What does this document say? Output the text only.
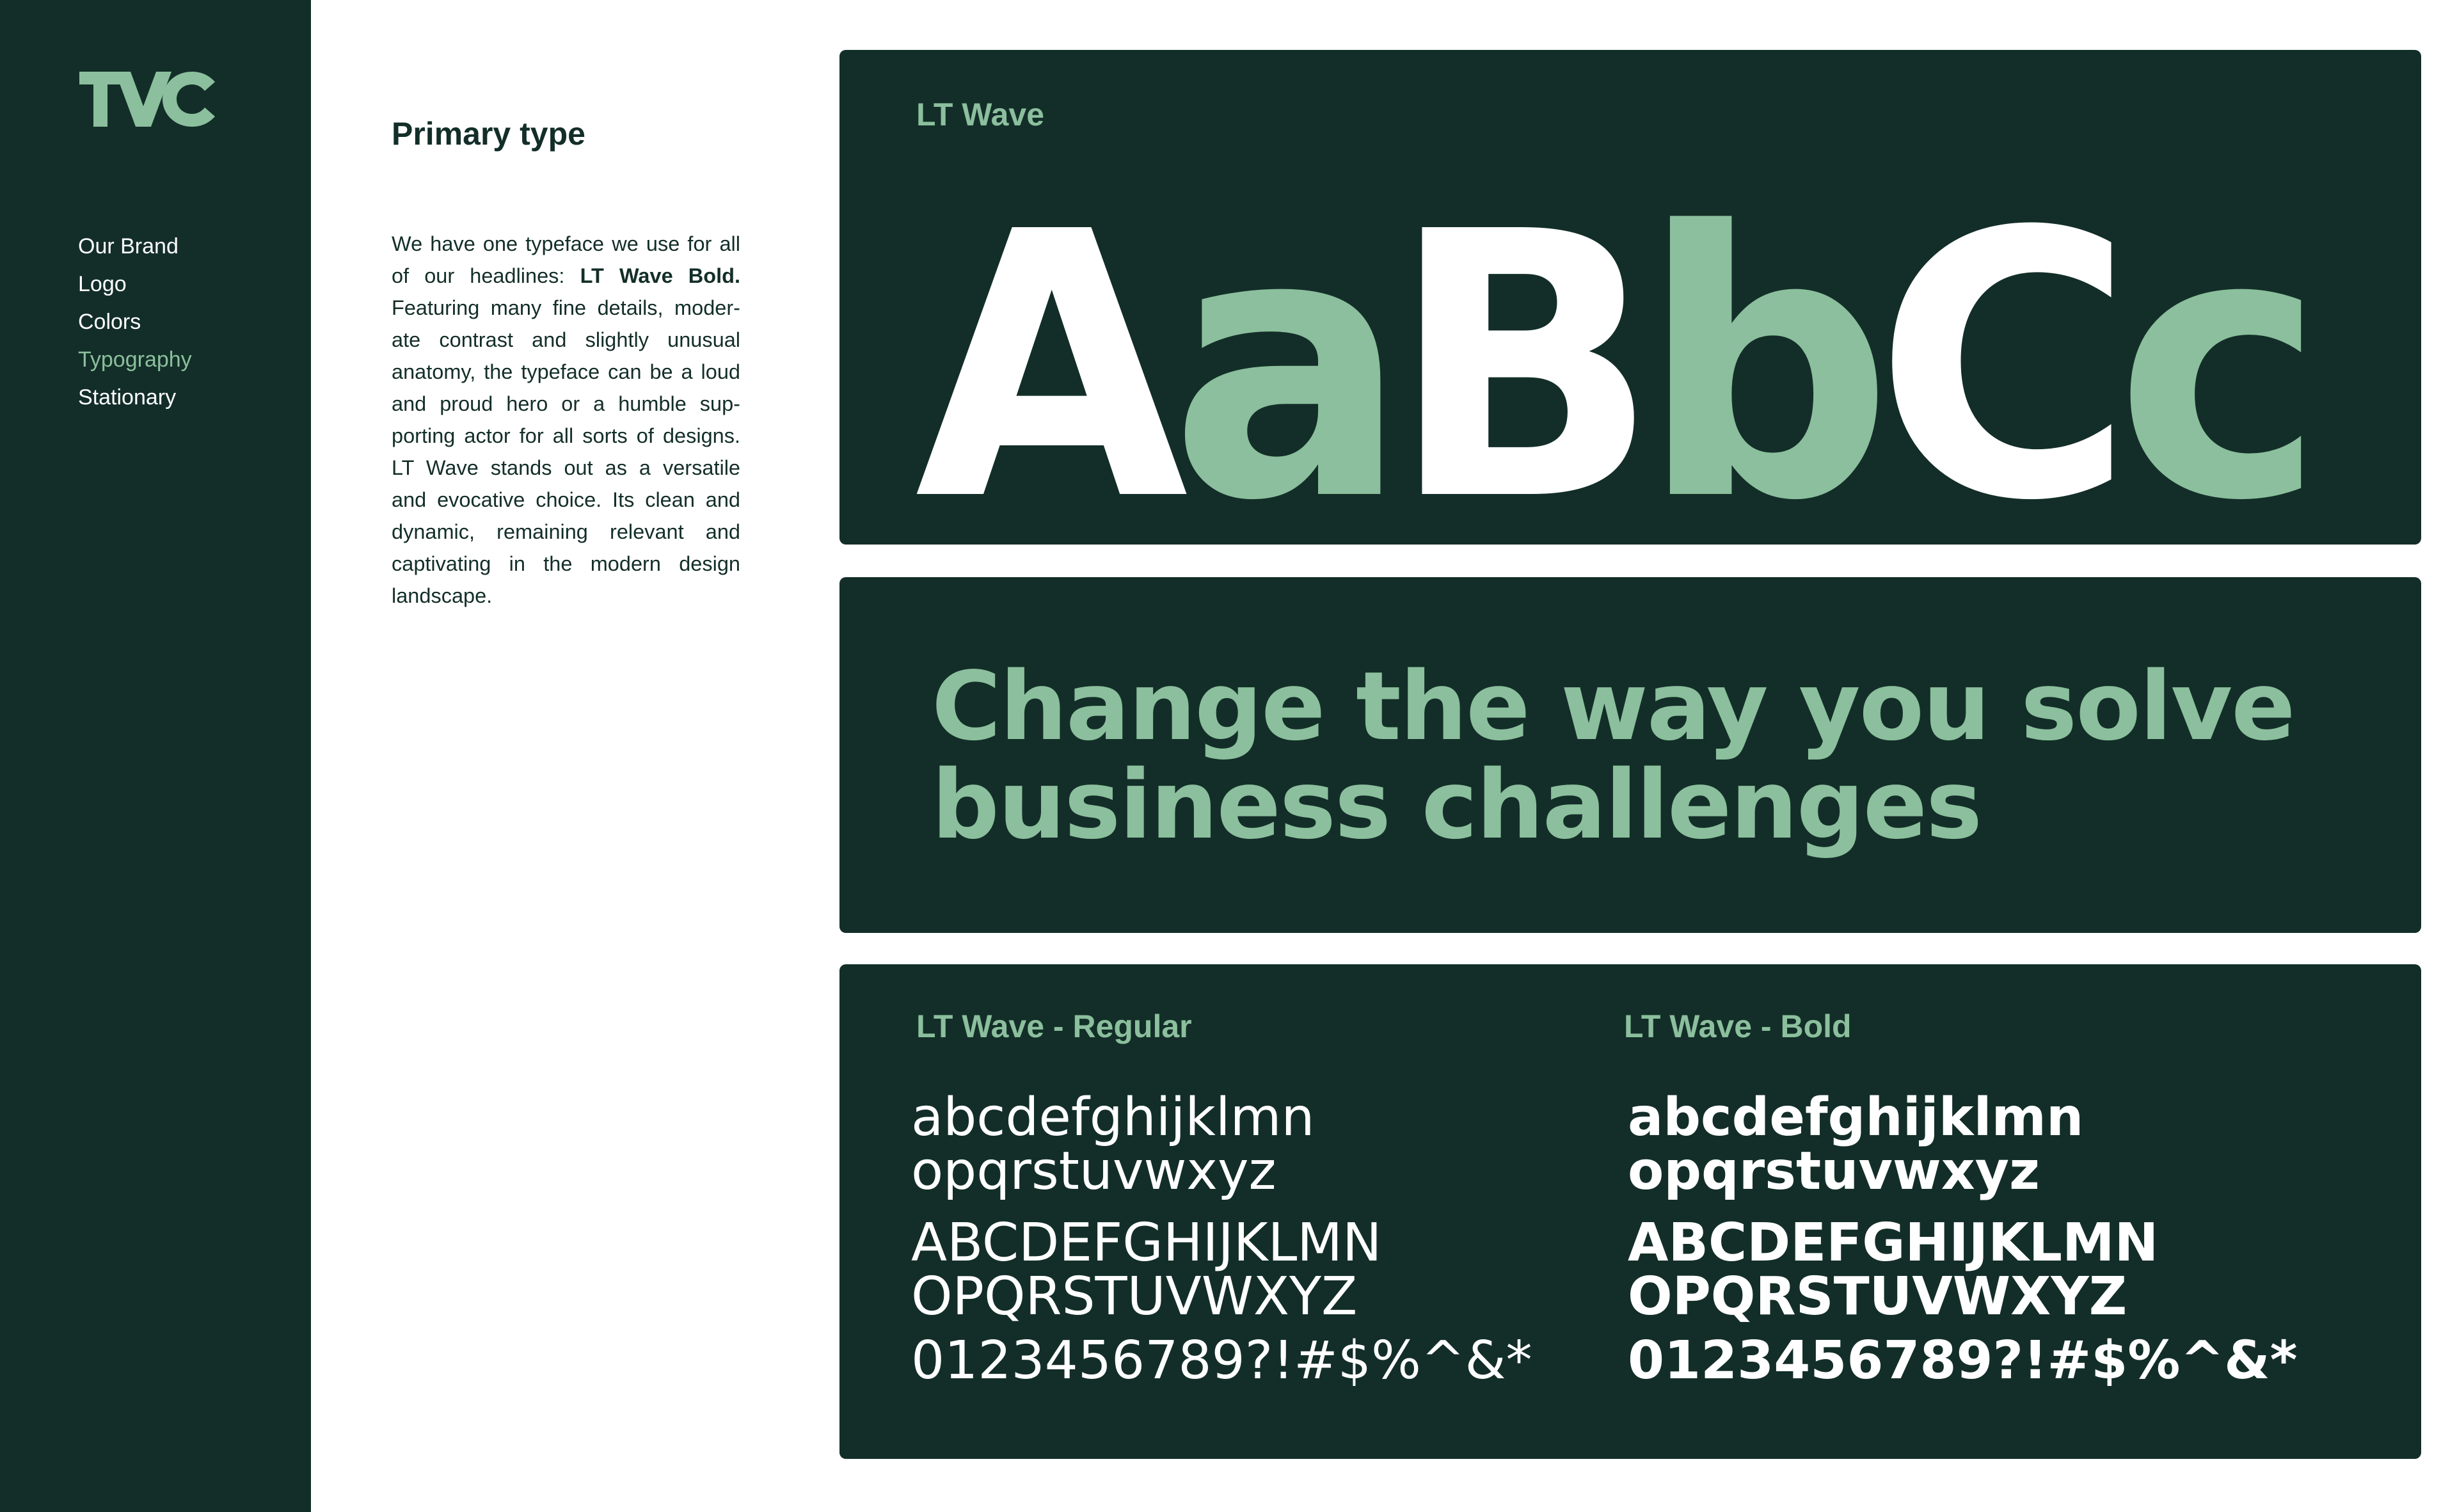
Our Brand
Logo
Colors
Typography
Stationary
Primary type

We have one typeface we use for all of our headlines: LT Wave Bold. Featuring many fine details, moder-ate contrast and slightly unusual anatomy, the typeface can be a loud and proud hero or a humble sup-porting actor for all sorts of designs. LT Wave stands out as a versatile and evocative choice. Its clean and dynamic, remaining relevant and captivating in the modern design landscape.

LT Wave
AaBbCc
Change the way you solve
business challenges
LT Wave - Regular	LT Wave - Bold
abcdefghijklmn
opqrstuvwxyz
ABCDEFGHIJKLMN
OPQRSTUVWXYZ
0123456789?!#$%^&*
abcdefghijklmn
opqrstuvwxyz
ABCDEFGHIJKLMN
OPQRSTUVWXYZ
0123456789?!#$%^&*
